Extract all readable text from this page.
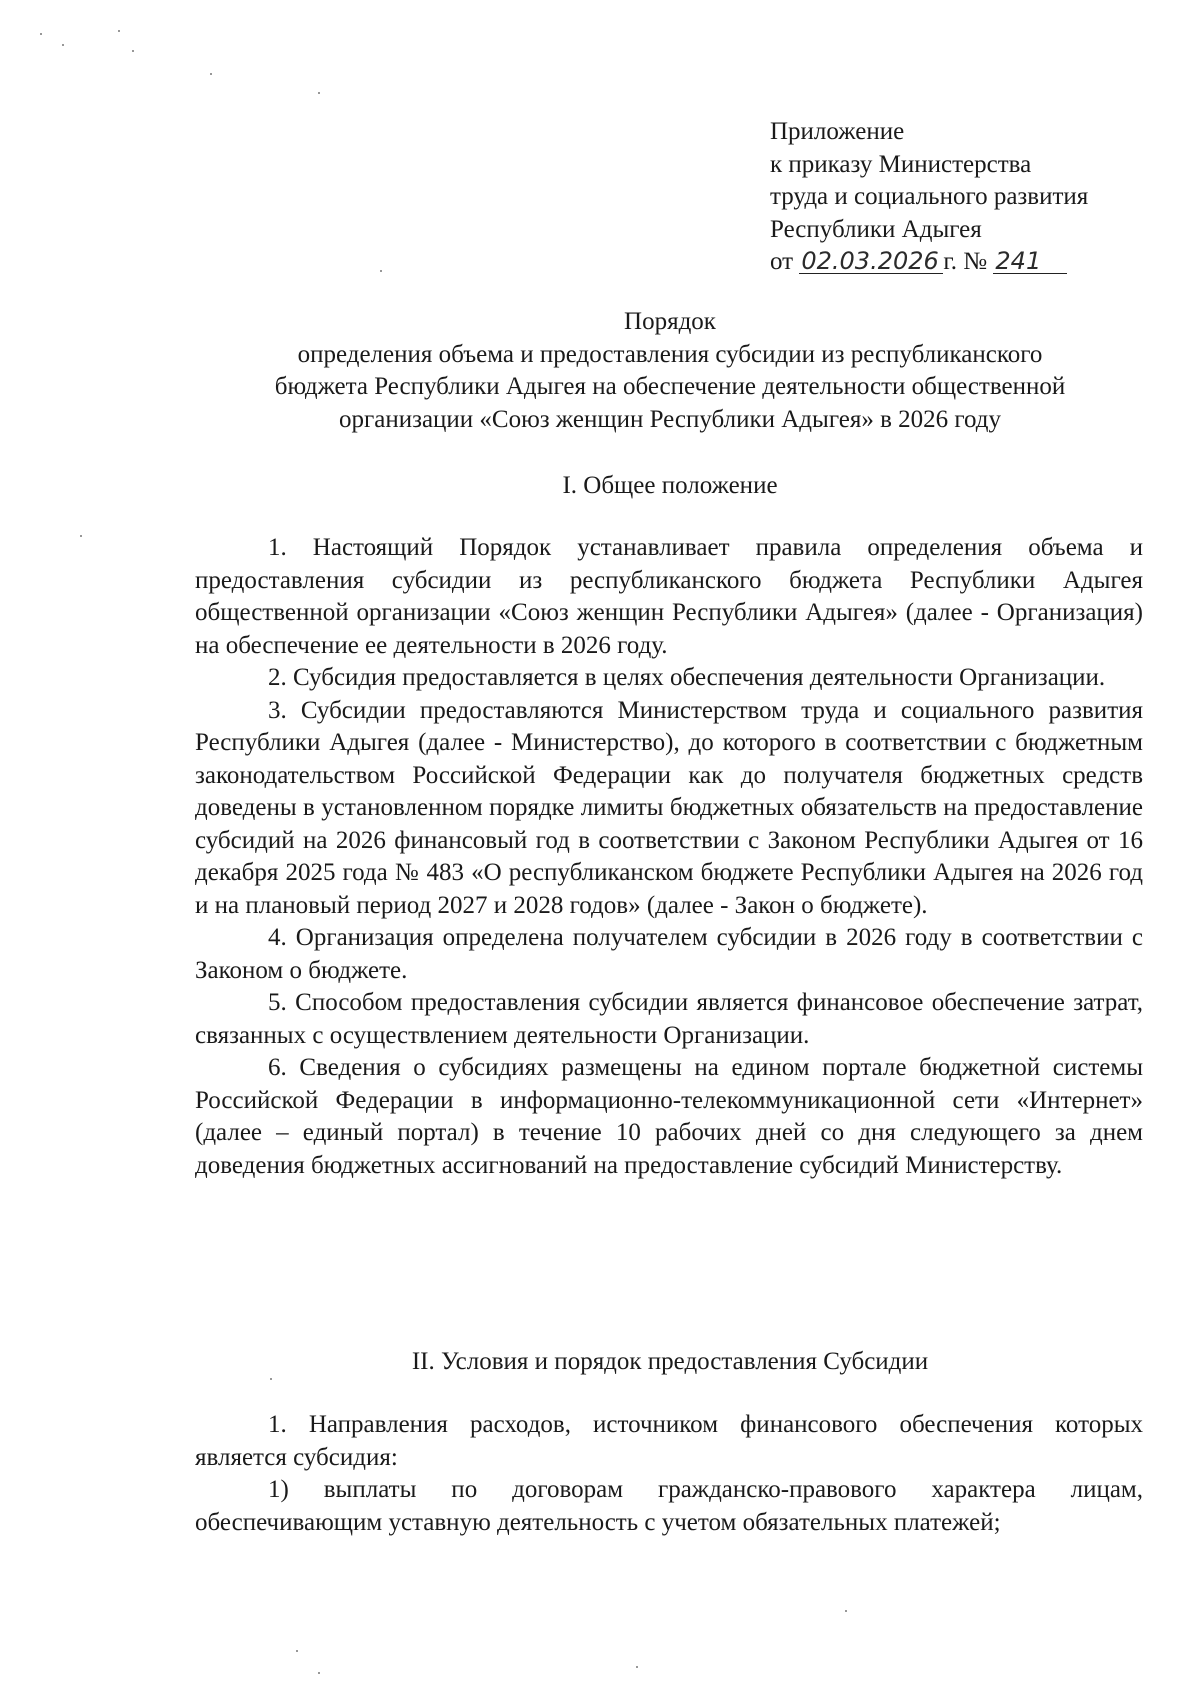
Приложение
к приказу Министерства
труда и социального развития
Республики Адыгея
от 02.03.2026 г. № 241
Порядок
определения объема и предоставления субсидии из республиканского
бюджета Республики Адыгея на обеспечение деятельности общественной
организации «Союз женщин Республики Адыгея» в 2026 году
I. Общее положение

1. Настоящий Порядок устанавливает правила определения объема и предоставления субсидии из республиканского бюджета Республики Адыгея общественной организации «Союз женщин Республики Адыгея» (далее - Организация) на обеспечение ее деятельности в 2026 году.

2. Субсидия предоставляется в целях обеспечения деятельности Организации.

3. Субсидии предоставляются Министерством труда и социального развития Республики Адыгея (далее - Министерство), до которого в соответствии с бюджетным законодательством Российской Федерации как до получателя бюджетных средств доведены в установленном порядке лимиты бюджетных обязательств на предоставление субсидий на 2026 финансовый год в соответствии с Законом Республики Адыгея от 16 декабря 2025 года № 483 «О республиканском бюджете Республики Адыгея на 2026 год и на плановый период 2027 и 2028 годов» (далее - Закон о бюджете).

4. Организация определена получателем субсидии в 2026 году в соответствии с Законом о бюджете.

5. Способом предоставления субсидии является финансовое обеспечение затрат, связанных с осуществлением деятельности Организации.

6. Сведения о субсидиях размещены на едином портале бюджетной системы Российской Федерации в информационно-телекоммуникационной сети «Интернет» (далее – единый портал) в течение 10 рабочих дней со дня следующего за днем доведения бюджетных ассигнований на предоставление субсидий Министерству.

II. Условия и порядок предоставления Субсидии

1. Направления расходов, источником финансового обеспечения которых является субсидия:

1) выплаты по договорам гражданско-правового характера лицам, обеспечивающим уставную деятельность с учетом обязательных платежей;
